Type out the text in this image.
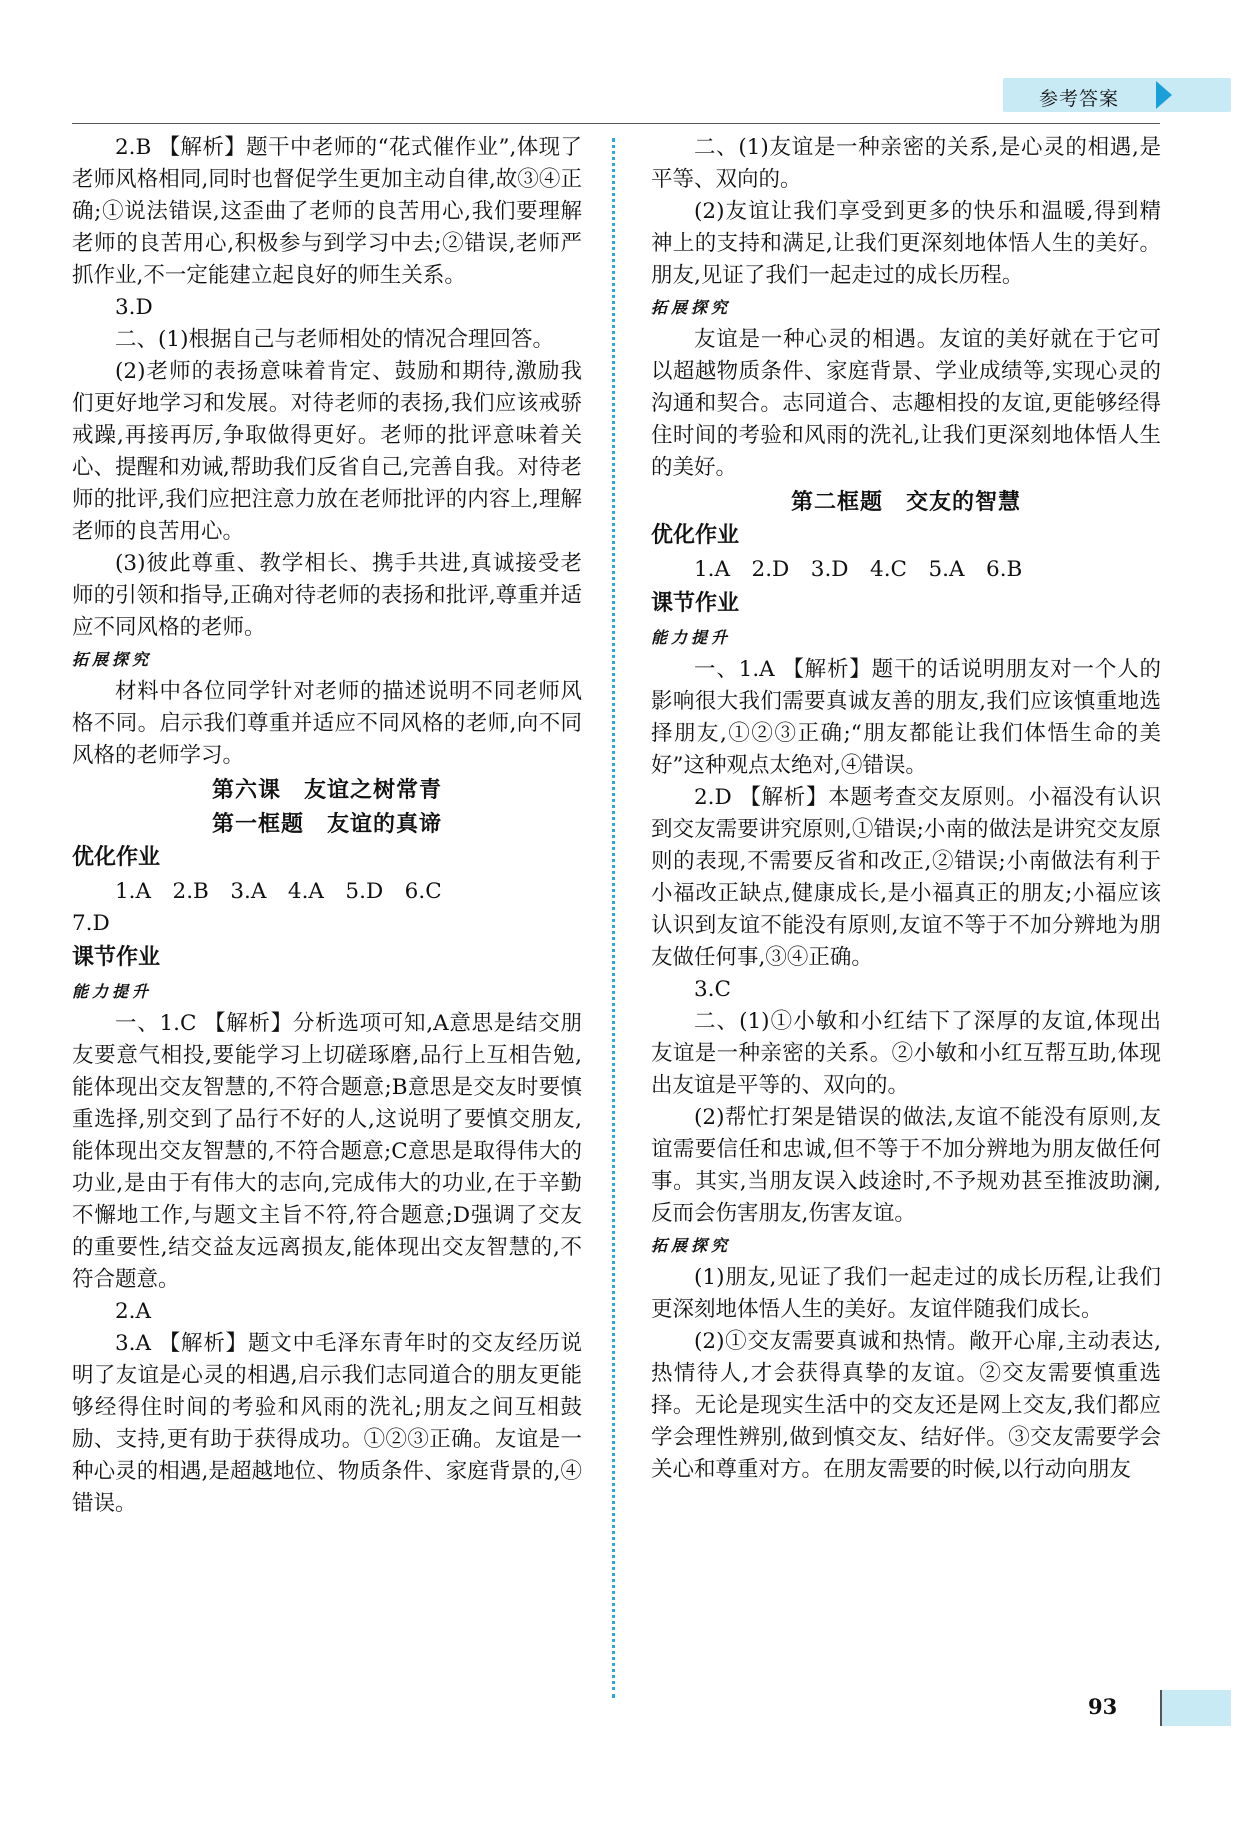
参考答案

2.B 【解析】题干中老师的“花式催作业”,体现了老师风格相同,同时也督促学生更加主动自律,故③④正确;①说法错误,这歪曲了老师的良苦用心,我们要理解老师的良苦用心,积极参与到学习中去;②错误,老师严抓作业,不一定能建立起良好的师生关系。

3.D

二、(1)根据自己与老师相处的情况合理回答。

(2)老师的表扬意味着肯定、鼓励和期待,激励我们更好地学习和发展。对待老师的表扬,我们应该戒骄戒躁,再接再厉,争取做得更好。老师的批评意味着关心、提醒和劝诫,帮助我们反省自己,完善自我。对待老师的批评,我们应把注意力放在老师批评的内容上,理解老师的良苦用心。

(3)彼此尊重、教学相长、携手共进,真诚接受老师的引领和指导,正确对待老师的表扬和批评,尊重并适应不同风格的老师。

拓展探究

材料中各位同学针对老师的描述说明不同老师风格不同。启示我们尊重并适应不同风格的老师,向不同风格的老师学习。

第六课　友谊之树常青
第一框题　友谊的真谛
优化作业

1.A　2.B　3.A　4.A　5.D　6.C

7.D

课节作业
能力提升

一、1.C 【解析】分析选项可知,A意思是结交朋友要意气相投,要能学习上切磋琢磨,品行上互相告勉,能体现出交友智慧的,不符合题意;B意思是交友时要慎重选择,别交到了品行不好的人,这说明了要慎交朋友,能体现出交友智慧的,不符合题意;C意思是取得伟大的功业,是由于有伟大的志向,完成伟大的功业,在于辛勤不懈地工作,与题文主旨不符,符合题意;D强调了交友的重要性,结交益友远离损友,能体现出交友智慧的,不符合题意。

2.A

3.A 【解析】题文中毛泽东青年时的交友经历说明了友谊是心灵的相遇,启示我们志同道合的朋友更能够经得住时间的考验和风雨的洗礼;朋友之间互相鼓励、支持,更有助于获得成功。①②③正确。友谊是一种心灵的相遇,是超越地位、物质条件、家庭背景的,④错误。

二、(1)友谊是一种亲密的关系,是心灵的相遇,是平等、双向的。

(2)友谊让我们享受到更多的快乐和温暖,得到精神上的支持和满足,让我们更深刻地体悟人生的美好。朋友,见证了我们一起走过的成长历程。

拓展探究

友谊是一种心灵的相遇。友谊的美好就在于它可以超越物质条件、家庭背景、学业成绩等,实现心灵的沟通和契合。志同道合、志趣相投的友谊,更能够经得住时间的考验和风雨的洗礼,让我们更深刻地体悟人生的美好。

第二框题　交友的智慧
优化作业

1.A　2.D　3.D　4.C　5.A　6.B

课节作业
能力提升

一、1.A 【解析】题干的话说明朋友对一个人的影响很大我们需要真诚友善的朋友,我们应该慎重地选择朋友,①②③正确;“朋友都能让我们体悟生命的美好”这种观点太绝对,④错误。

2.D 【解析】本题考查交友原则。小福没有认识到交友需要讲究原则,①错误;小南的做法是讲究交友原则的表现,不需要反省和改正,②错误;小南做法有利于小福改正缺点,健康成长,是小福真正的朋友;小福应该认识到友谊不能没有原则,友谊不等于不加分辨地为朋友做任何事,③④正确。

3.C

二、(1)①小敏和小红结下了深厚的友谊,体现出友谊是一种亲密的关系。②小敏和小红互帮互助,体现出友谊是平等的、双向的。

(2)帮忙打架是错误的做法,友谊不能没有原则,友谊需要信任和忠诚,但不等于不加分辨地为朋友做任何事。其实,当朋友误入歧途时,不予规劝甚至推波助澜,反而会伤害朋友,伤害友谊。

拓展探究

(1)朋友,见证了我们一起走过的成长历程,让我们更深刻地体悟人生的美好。友谊伴随我们成长。

(2)①交友需要真诚和热情。敞开心扉,主动表达,热情待人,才会获得真挚的友谊。②交友需要慎重选择。无论是现实生活中的交友还是网上交友,我们都应学会理性辨别,做到慎交友、结好伴。③交友需要学会关心和尊重对方。在朋友需要的时候,以行动向朋友

93
